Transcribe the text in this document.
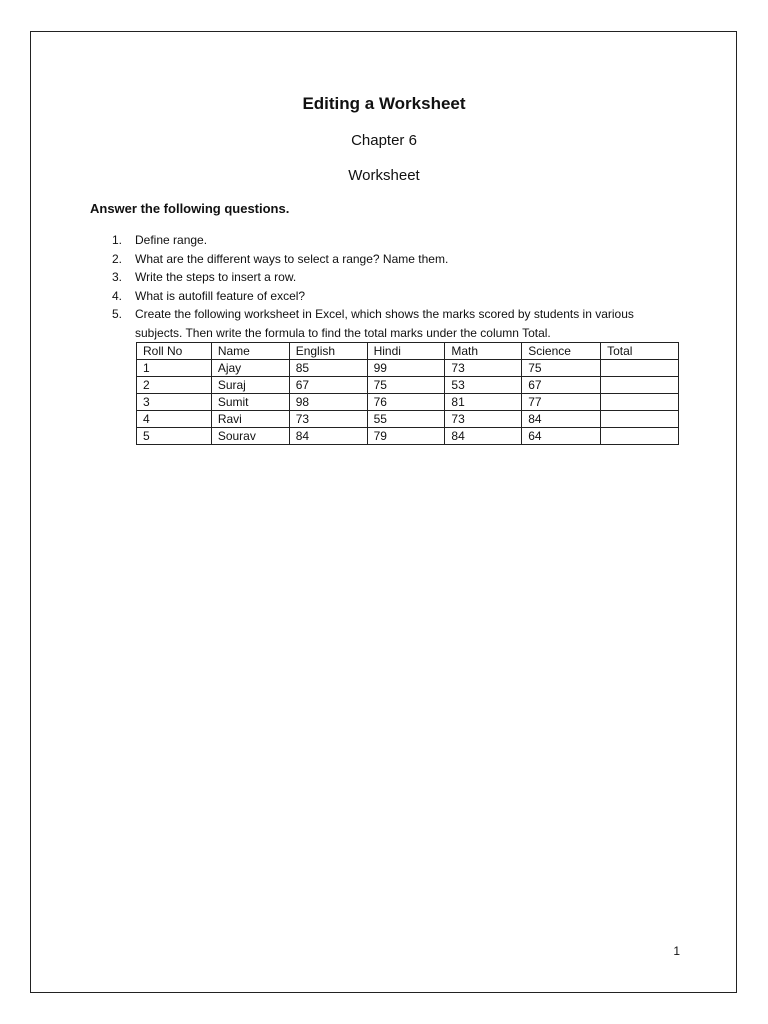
Editing a Worksheet
Chapter 6
Worksheet
Answer the following questions.
1. Define range.
2. What are the different ways to select a range? Name them.
3. Write the steps to insert a row.
4. What is autofill feature of excel?
5. Create the following worksheet in Excel, which shows the marks scored by students in various subjects. Then write the formula to find the total marks under the column Total.
Roll No	Name	English	Hindi	Math	Science	Total
1	Ajay	85	99	73	75	
2	Suraj	67	75	53	67	
3	Sumit	98	76	81	77	
4	Ravi	73	55	73	84	
5	Sourav	84	79	84	64	
1
